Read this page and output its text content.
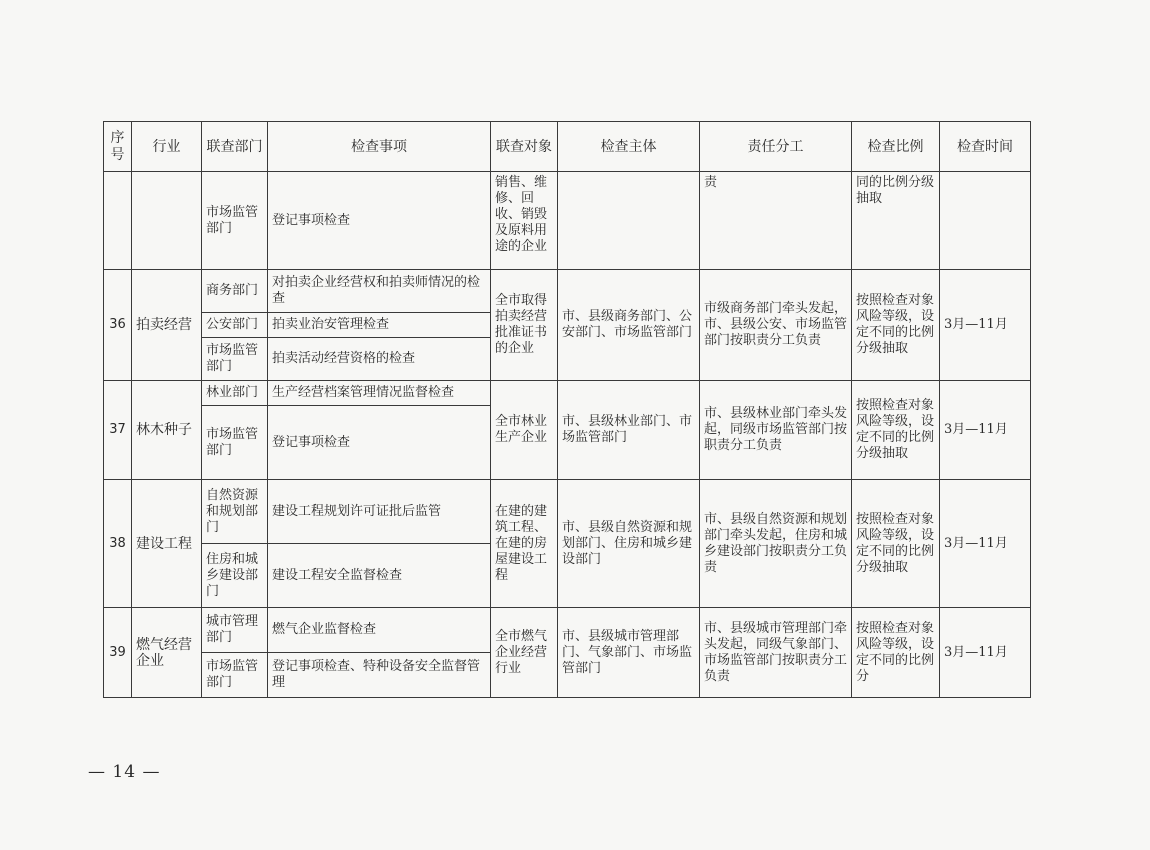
序号	行业	联查部门	检查事项	联查对象	检查主体	责任分工	检查比例	检查时间
		市场监管部门	登记事项检查	销售、维修、回收、销毁及原料用途的企业		责	同的比例分级抽取	
36	拍卖经营	商务部门	对拍卖企业经营权和拍卖师情况的检查	全市取得拍卖经营批准证书的企业	市、县级商务部门、公安部门、市场监管部门	市级商务部门牵头发起，市、县级公安、市场监管部门按职责分工负责	按照检查对象风险等级，设定不同的比例分级抽取	3月—11月
		公安部门	拍卖业治安管理检查					
		市场监管部门	拍卖活动经营资格的检查					
37	林木种子	林业部门	生产经营档案管理情况监督检查	全市林业生产企业	市、县级林业部门、市场监管部门	市、县级林业部门牵头发起，同级市场监管部门按职责分工负责	按照检查对象风险等级，设定不同的比例分级抽取	3月—11月
		市场监管部门	登记事项检查					
38	建设工程	自然资源和规划部门	建设工程规划许可证批后监管	在建的建筑工程、在建的房屋建设工程	市、县级自然资源和规划部门、住房和城乡建设部门	市、县级自然资源和规划部门牵头发起，住房和城乡建设部门按职责分工负责	按照检查对象风险等级，设定不同的比例分级抽取	3月—11月
		住房和城乡建设部门	建设工程安全监督检查					
39	燃气经营企业	城市管理部门	燃气企业监督检查	全市燃气企业经营行业	市、县级城市管理部门、气象部门、市场监管部门	市、县级城市管理部门牵头发起，同级气象部门、市场监管部门按职责分工负责	按照检查对象风险等级，设定不同的比例分	3月—11月
		市场监管部门	登记事项检查、特种设备安全监督管理					
— 14 —
